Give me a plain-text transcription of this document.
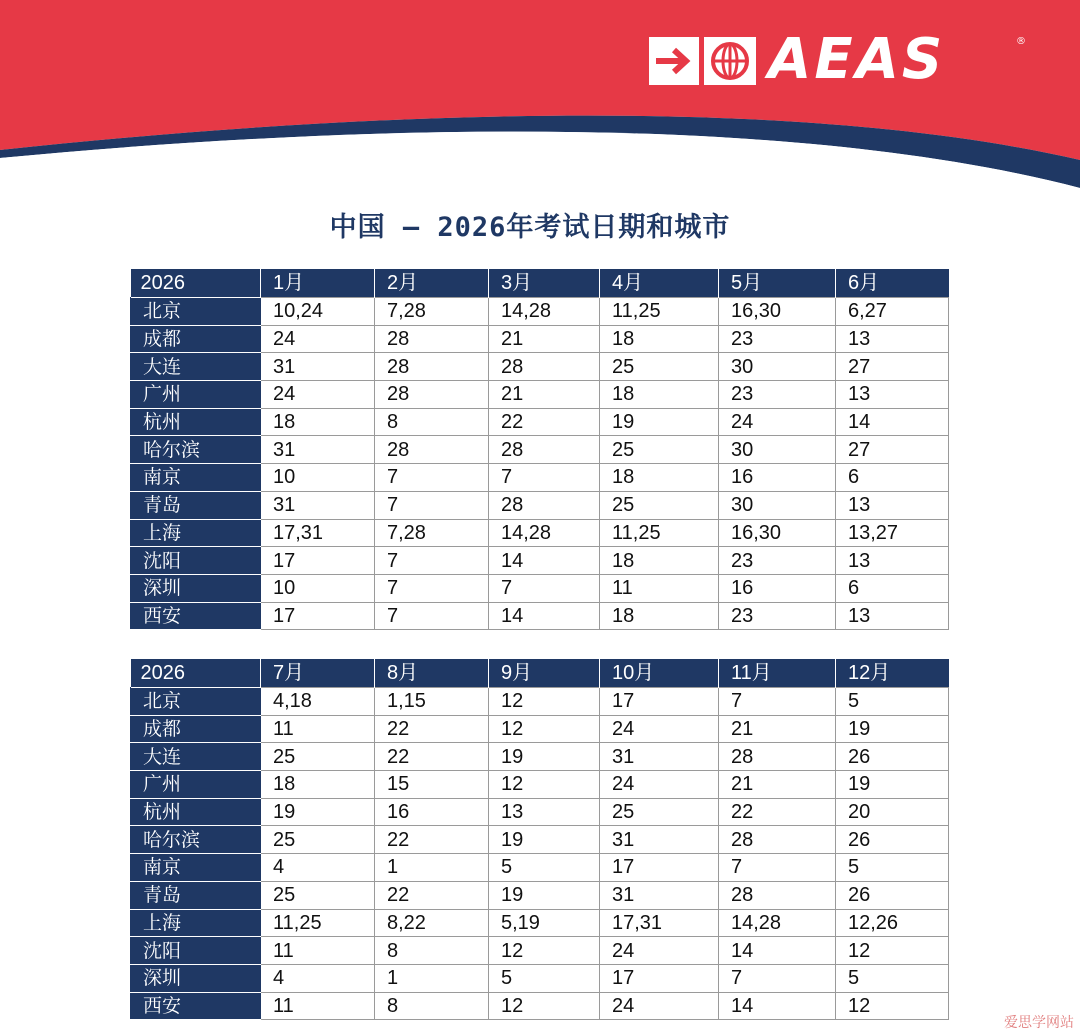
AEAS	®
中国 – 2026年考试日期和城市
2026	1月	2月	3月	4月	5月	6月
北京	10,24	7,28	14,28	11,25	16,30	6,27
成都	24	28	21	18	23	13
大连	31	28	28	25	30	27
广州	24	28	21	18	23	13
杭州	18	8	22	19	24	14
哈尔滨	31	28	28	25	30	27
南京	10	7	7	18	16	6
青岛	31	7	28	25	30	13
上海	17,31	7,28	14,28	11,25	16,30	13,27
沈阳	17	7	14	18	23	13
深圳	10	7	7	11	16	6
西安	17	7	14	18	23	13
2026	7月	8月	9月	10月	11月	12月
北京	4,18	1,15	12	17	7	5
成都	11	22	12	24	21	19
大连	25	22	19	31	28	26
广州	18	15	12	24	21	19
杭州	19	16	13	25	22	20
哈尔滨	25	22	19	31	28	26
南京	4	1	5	17	7	5
青岛	25	22	19	31	28	26
上海	11,25	8,22	5,19	17,31	14,28	12,26
沈阳	11	8	12	24	14	12
深圳	4	1	5	17	7	5
西安	11	8	12	24	14	12
爱思学网站
